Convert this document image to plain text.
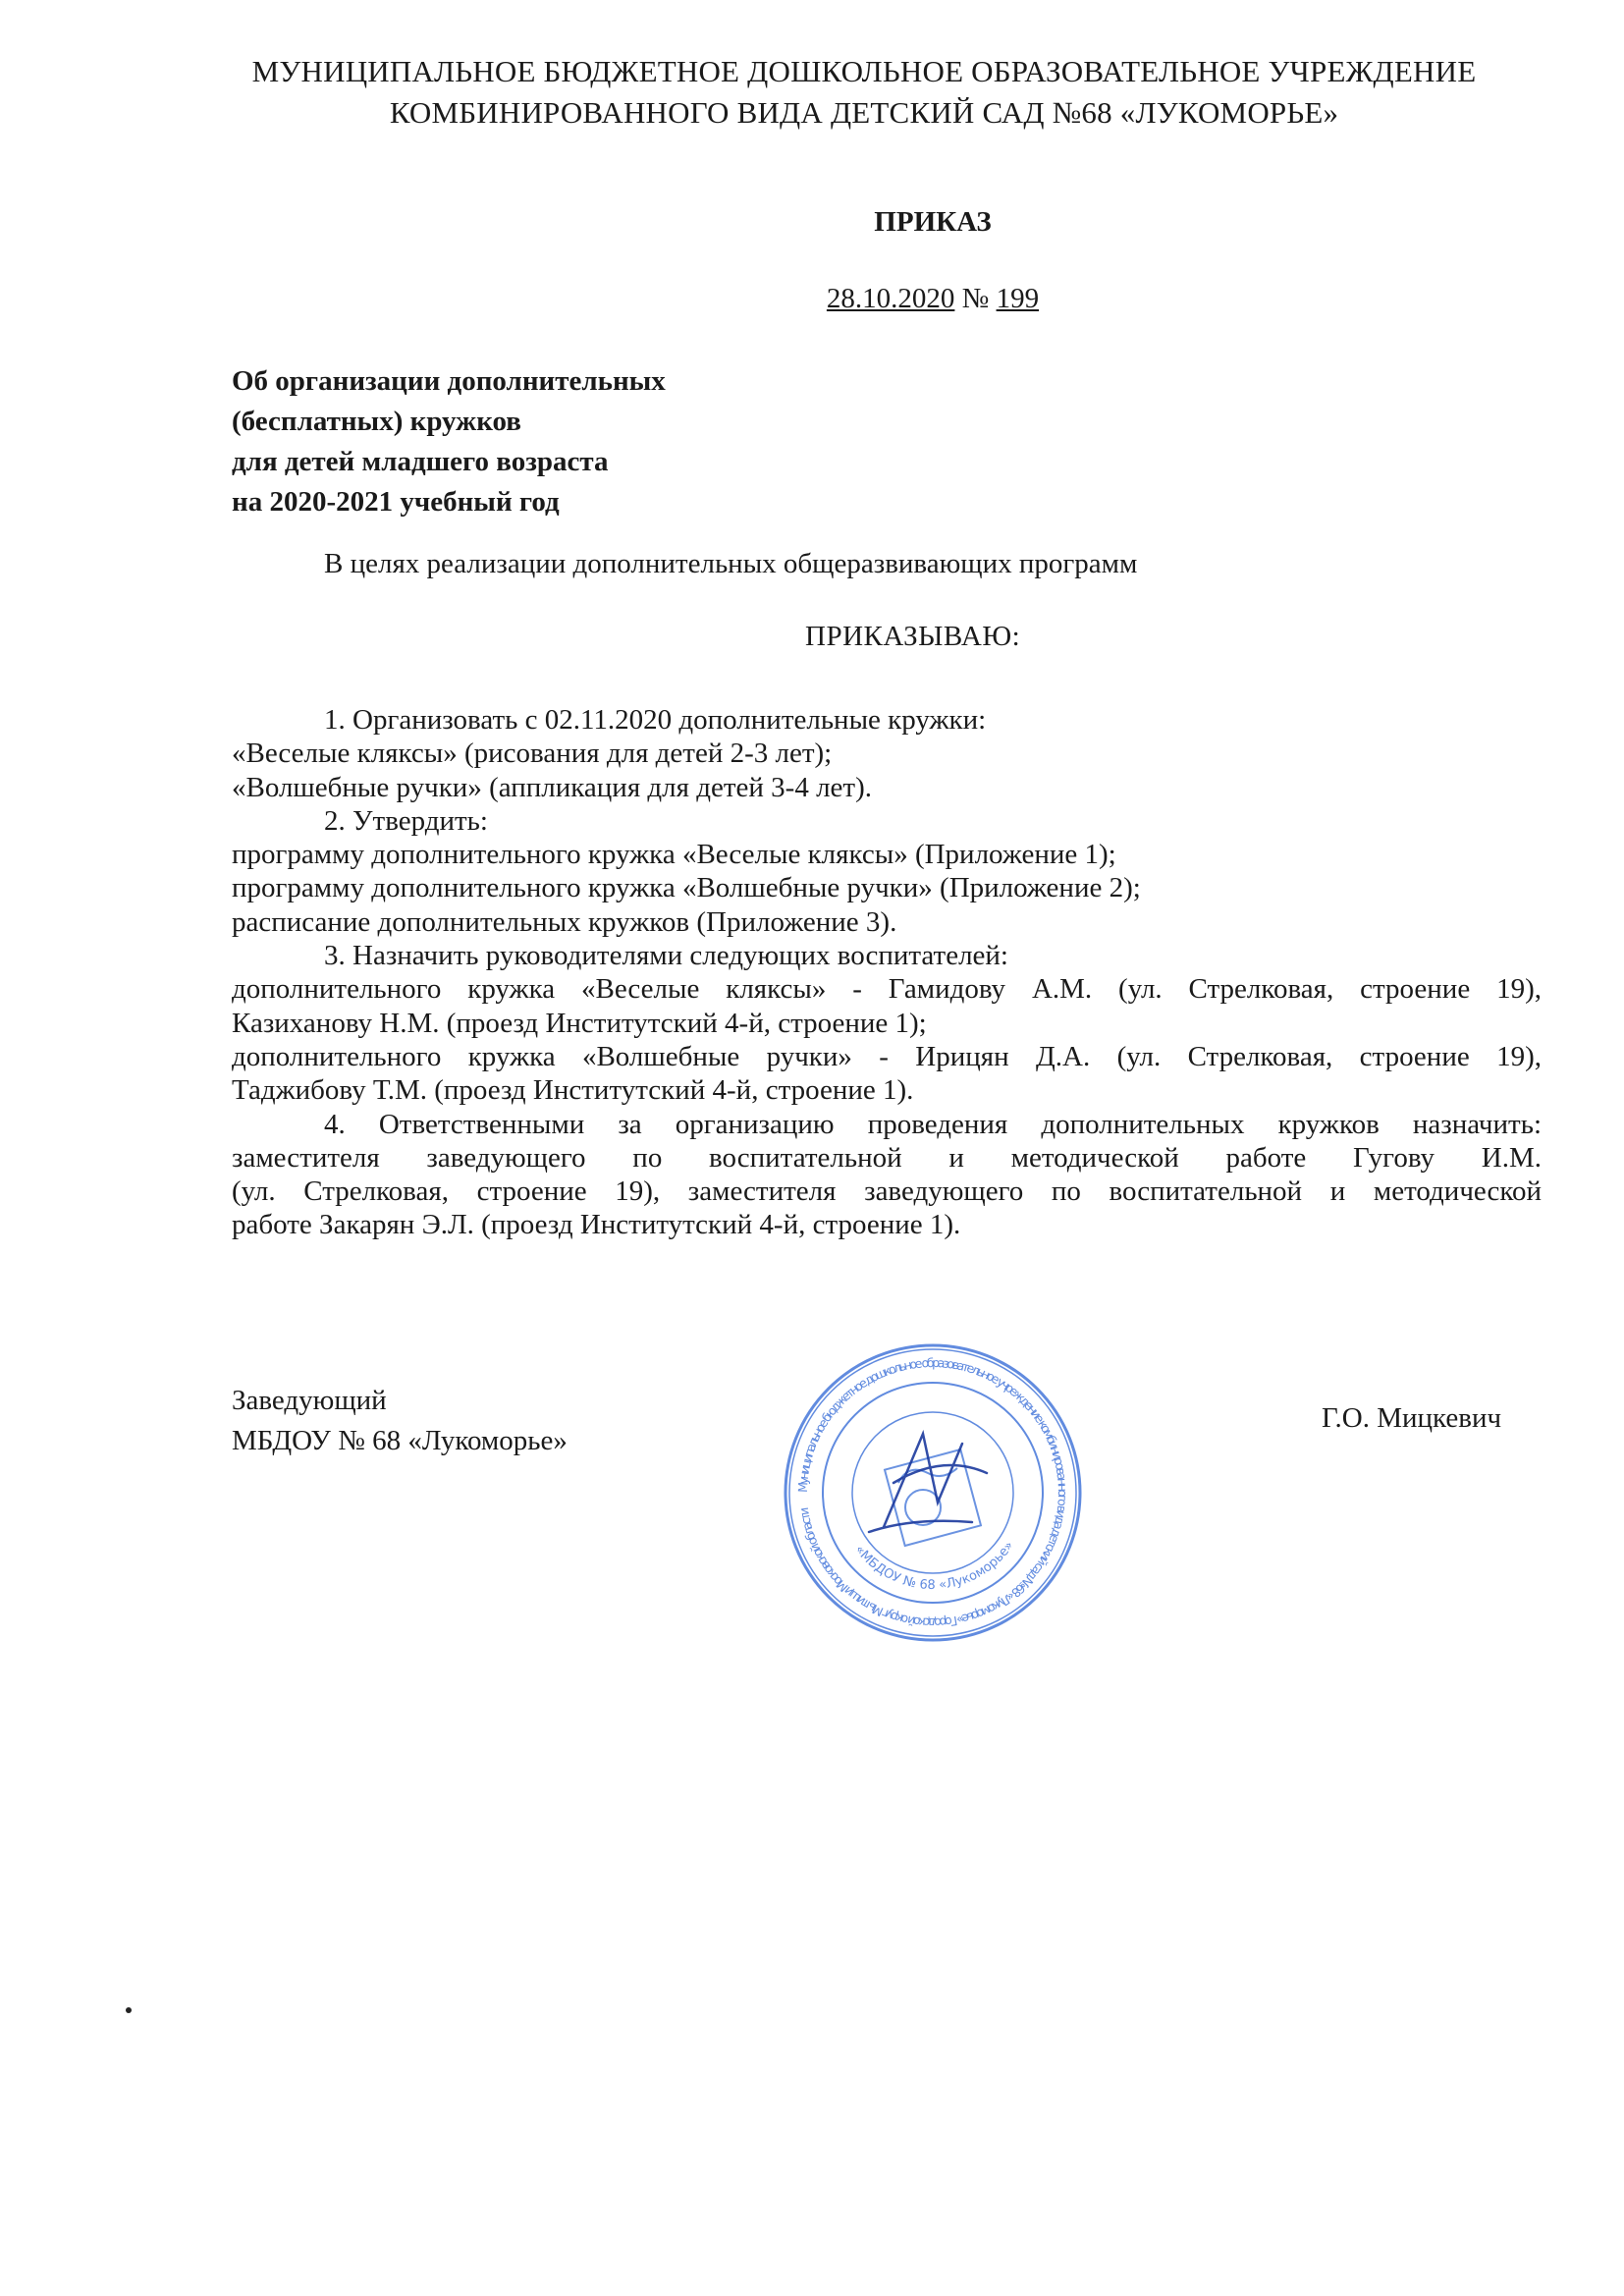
МУНИЦИПАЛЬНОЕ БЮДЖЕТНОЕ ДОШКОЛЬНОЕ ОБРАЗОВАТЕЛЬНОЕ УЧРЕЖДЕНИЕ
КОМБИНИРОВАННОГО ВИДА ДЕТСКИЙ САД №68 «ЛУКОМОРЬЕ»
ПРИКАЗ
28.10.2020 № 199
Об организации дополнительных
(бесплатных) кружков
для детей младшего возраста
на 2020-2021 учебный год
В целях реализации дополнительных общеразвивающих программ
ПРИКАЗЫВАЮ:
1. Организовать с 02.11.2020 дополнительные кружки:
«Веселые кляксы» (рисования для детей 2-3 лет);
«Волшебные ручки» (аппликация для детей 3-4 лет).
2. Утвердить:
программу дополнительного кружка «Веселые кляксы» (Приложение 1);
программу дополнительного кружка «Волшебные ручки» (Приложение 2);
расписание дополнительных кружков (Приложение 3).
3. Назначить руководителями следующих воспитателей:
дополнительного кружка «Веселые кляксы» - Гамидову А.М. (ул. Стрелковая, строение 19),
Казиханову Н.М. (проезд Институтский 4-й, строение 1);
дополнительного кружка «Волшебные ручки» - Ирицян Д.А. (ул. Стрелковая, строение 19),
Таджибову Т.М. (проезд Институтский 4-й, строение 1).
4. Ответственными за организацию проведения дополнительных кружков назначить:
заместителя заведующего по воспитательной и методической работе Гугову И.М.
(ул. Стрелковая, строение 19), заместителя заведующего по воспитательной и методической
работе Закарян Э.Л. (проезд Институтский 4-й, строение 1).
Заведующий
МБДОУ № 68 «Лукоморье»
Г.О. Мицкевич
Муниципальное бюджетное дошкольное образовательное учреждение комбинированного вида детский сад №68 «Лукоморье» Городской округ Мытищи Московской области
«МБДОУ № 68 «Лукоморье»
